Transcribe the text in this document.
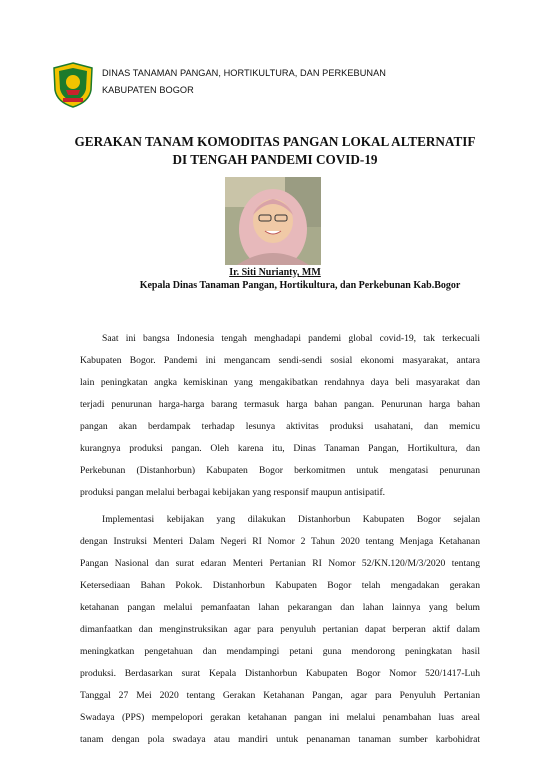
DINAS TANAMAN PANGAN, HORTIKULTURA, DAN PERKEBUNAN
KABUPATEN BOGOR
GERAKAN TANAM KOMODITAS PANGAN LOKAL ALTERNATIF
DI TENGAH PANDEMI COVID-19
Ir. Siti Nurianty, MM
Kepala Dinas Tanaman Pangan, Hortikultura, dan Perkebunan Kab.Bogor
Saat ini bangsa Indonesia tengah menghadapi pandemi global covid-19, tak terkecuali
Kabupaten Bogor. Pandemi ini mengancam sendi-sendi sosial ekonomi masyarakat, antara
lain peningkatan angka kemiskinan yang mengakibatkan rendahnya daya beli masyarakat dan
terjadi penurunan harga-harga barang termasuk harga bahan pangan. Penurunan harga bahan
pangan akan berdampak terhadap lesunya aktivitas produksi usahatani, dan memicu
kurangnya produksi pangan. Oleh karena itu, Dinas Tanaman Pangan, Hortikultura, dan
Perkebunan (Distanhorbun) Kabupaten Bogor berkomitmen untuk mengatasi penurunan
produksi pangan melalui berbagai kebijakan yang responsif maupun antisipatif.
Implementasi kebijakan yang dilakukan Distanhorbun Kabupaten Bogor sejalan
dengan Instruksi Menteri Dalam Negeri RI Nomor 2 Tahun 2020 tentang Menjaga Ketahanan
Pangan Nasional dan surat edaran Menteri Pertanian RI Nomor 52/KN.120/M/3/2020 tentang
Ketersediaan Bahan Pokok. Distanhorbun Kabupaten Bogor telah mengadakan gerakan
ketahanan pangan melalui pemanfaatan lahan pekarangan dan lahan lainnya yang belum
dimanfaatkan dan menginstruksikan agar para penyuluh pertanian dapat berperan aktif dalam
meningkatkan pengetahuan dan mendampingi petani guna mendorong peningkatan hasil
produksi. Berdasarkan surat Kepala Distanhorbun Kabupaten Bogor Nomor 520/1417-Luh
Tanggal 27 Mei 2020 tentang Gerakan Ketahanan Pangan, agar para Penyuluh Pertanian
Swadaya (PPS) mempelopori gerakan ketahanan pangan ini melalui penambahan luas areal
tanam dengan pola swadaya atau mandiri untuk penanaman tanaman sumber karbohidrat
